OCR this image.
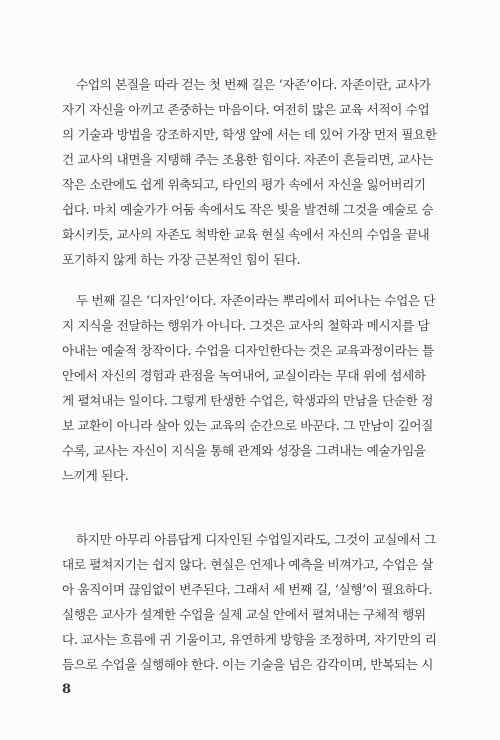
수업의 본질을 따라 걷는 첫 번째 길은 ‘자존’이다. 자존이란, 교사가
자기 자신을 아끼고 존중하는 마음이다. 여전히 많은 교육 서적이 수업
의 기술과 방법을 강조하지만, 학생 앞에 서는 데 있어 가장 먼저 필요한
건 교사의 내면을 지탱해 주는 조용한 힘이다. 자존이 흔들리면, 교사는
작은 소란에도 쉽게 위축되고, 타인의 평가 속에서 자신을 잃어버리기
쉽다. 마치 예술가가 어둠 속에서도 작은 빛을 발견해 그것을 예술로 승
화시키듯, 교사의 자존도 척박한 교육 현실 속에서 자신의 수업을 끝내
포기하지 않게 하는 가장 근본적인 힘이 된다.
두 번째 길은 ‘디자인’이다. 자존이라는 뿌리에서 피어나는 수업은 단
지 지식을 전달하는 행위가 아니다. 그것은 교사의 철학과 메시지를 담
아내는 예술적 창작이다. 수업을 디자인한다는 것은 교육과정이라는 틀
안에서 자신의 경험과 관점을 녹여내어, 교실이라는 무대 위에 섬세하
게 펼쳐내는 일이다. 그렇게 탄생한 수업은, 학생과의 만남을 단순한 정
보 교환이 아니라 살아 있는 교육의 순간으로 바꾼다. 그 만남이 깊어질
수록, 교사는 자신이 지식을 통해 관계와 성장을 그려내는 예술가임을
느끼게 된다.
하지만 아무리 아름답게 디자인된 수업일지라도, 그것이 교실에서 그
대로 펼쳐지기는 쉽지 않다. 현실은 언제나 예측을 비껴가고, 수업은 살
아 움직이며 끊임없이 변주된다. 그래서 세 번째 길, ‘실행’이 필요하다.
실행은 교사가 설계한 수업을 실제 교실 안에서 펼쳐내는 구체적 행위
다. 교사는 흐름에 귀 기울이고, 유연하게 방향을 조정하며, 자기만의 리
듬으로 수업을 실행해야 한다. 이는 기술을 넘은 감각이며, 반복되는 시
8
